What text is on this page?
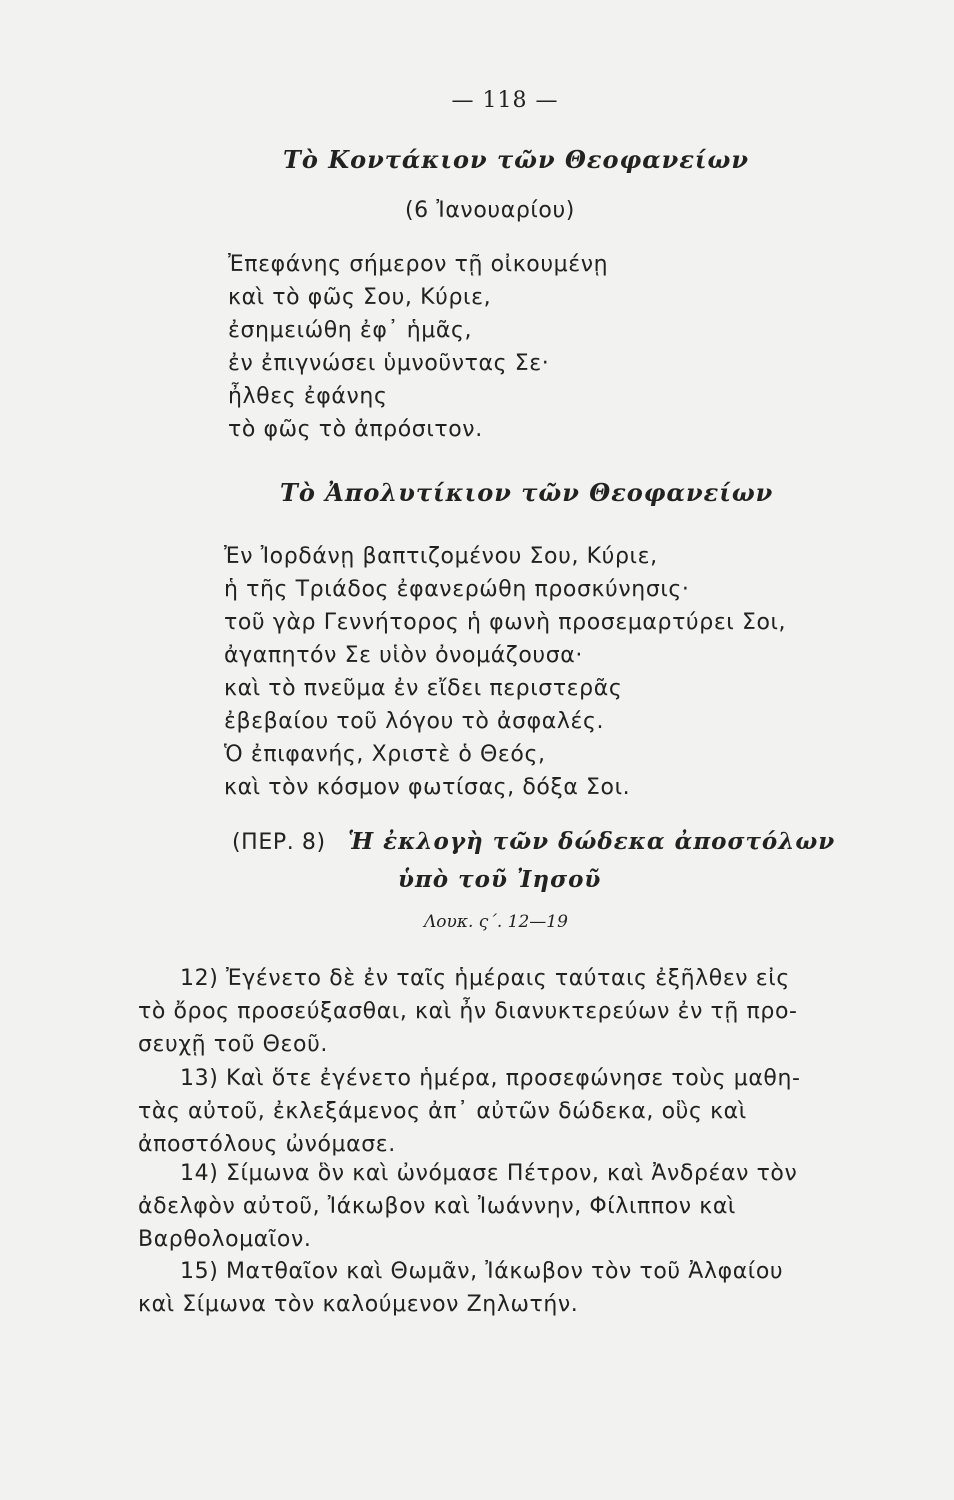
— 118 —
Τὸ Κοντάκιον τῶν Θεοφανείων
(6 Ἰανουαρίου)
Ἐπεφάνης σήμερον τῇ οἰκουμένῃ
καὶ τὸ φῶς Σου, Κύριε,
ἐσημειώθη ἐφ᾽ ἡμᾶς,
ἐν ἐπιγνώσει ὑμνοῦντας Σε·
ἦλθες ἐφάνης
τὸ φῶς τὸ ἀπρόσιτον.
Τὸ Ἀπολυτίκιον τῶν Θεοφανείων
Ἐν Ἰορδάνῃ βαπτιζομένου Σου, Κύριε,
ἡ τῆς Τριάδος ἐφανερώθη προσκύνησις·
τοῦ γὰρ Γεννήτορος ἡ φωνὴ προσεμαρτύρει Σοι,
ἀγαπητόν Σε υἱὸν ὀνομάζουσα·
καὶ τὸ πνεῦμα ἐν εἴδει περιστερᾶς
ἐβεβαίου τοῦ λόγου τὸ ἀσφαλές.
Ὁ ἐπιφανής, Χριστὲ ὁ Θεός,
καὶ τὸν κόσμον φωτίσας, δόξα Σοι.
(ΠΕΡ. 8) Ἡ ἐκλογὴ τῶν δώδεκα ἀποστόλων
ὑπὸ τοῦ Ἰησοῦ
Λουκ. ς´. 12—19
12) Ἐγένετο δὲ ἐν ταῖς ἡμέραις ταύταις ἐξῆλθεν εἰς
τὸ ὄρος προσεύξασθαι, καὶ ἦν διανυκτερεύων ἐν τῇ προ-
σευχῇ τοῦ Θεοῦ.
13) Καὶ ὅτε ἐγένετο ἡμέρα, προσεφώνησε τοὺς μαθη-
τὰς αὐτοῦ, ἐκλεξάμενος ἀπ᾽ αὐτῶν δώδεκα, οὓς καὶ
ἀποστόλους ὠνόμασε.
14) Σίμωνα ὃν καὶ ὠνόμασε Πέτρον, καὶ Ἀνδρέαν τὸν
ἀδελφὸν αὐτοῦ, Ἰάκωβον καὶ Ἰωάννην, Φίλιππον καὶ
Βαρθολομαῖον.
15) Ματθαῖον καὶ Θωμᾶν, Ἰάκωβον τὸν τοῦ Ἀλφαίου
καὶ Σίμωνα τὸν καλούμενον Ζηλωτήν.
